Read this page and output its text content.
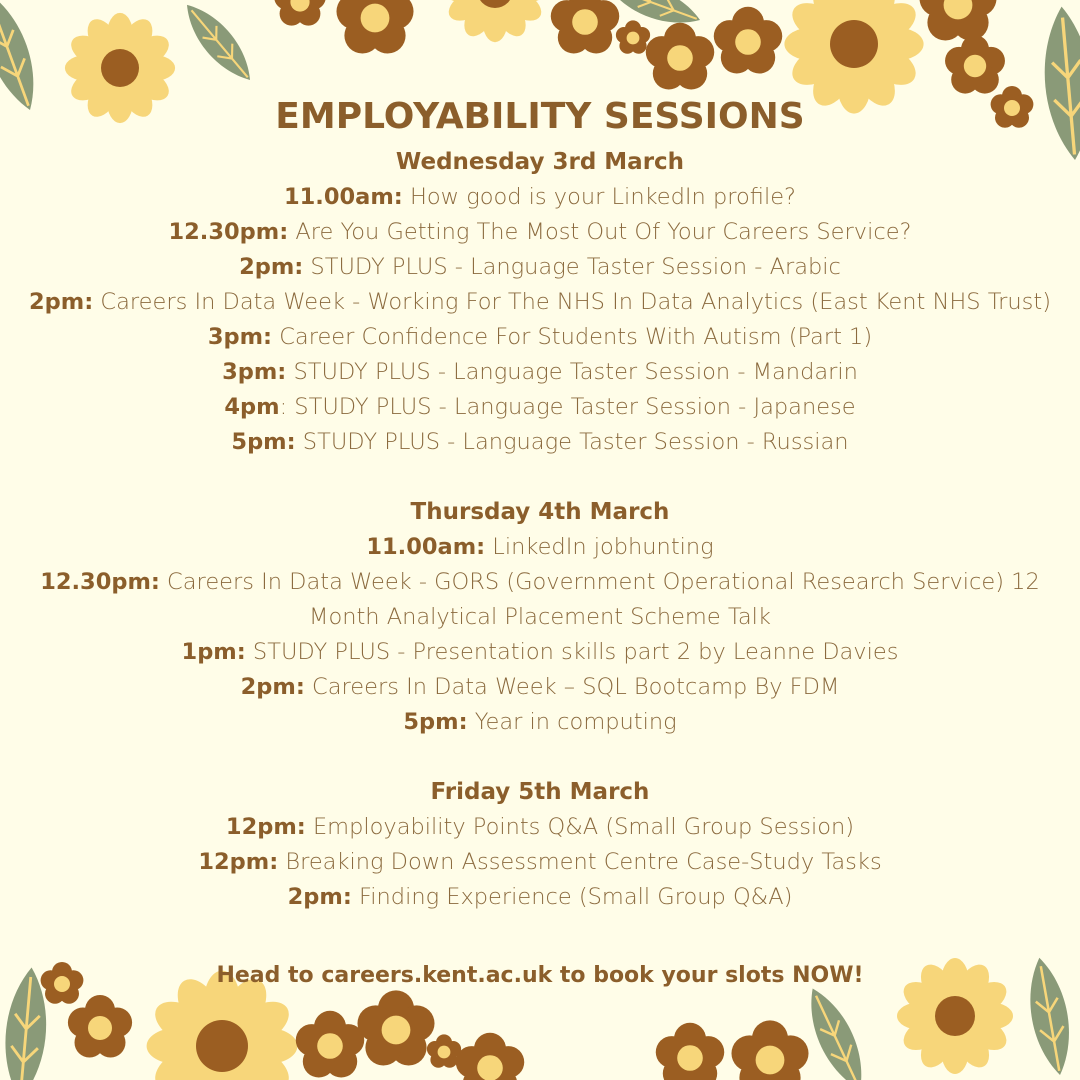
EMPLOYABILITY SESSIONS
Wednesday 3rd March
11.00am: How good is your LinkedIn profile?
12.30pm: Are You Getting The Most Out Of Your Careers Service?
2pm: STUDY PLUS - Language Taster Session - Arabic
2pm: Careers In Data Week - Working For The NHS In Data Analytics (East Kent NHS Trust)
3pm: Career Confidence For Students With Autism (Part 1)
3pm: STUDY PLUS - Language Taster Session - Mandarin
4pm: STUDY PLUS - Language Taster Session - Japanese
5pm: STUDY PLUS - Language Taster Session - Russian
Thursday 4th March
11.00am: LinkedIn jobhunting
12.30pm: Careers In Data Week - GORS (Government Operational Research Service) 12 Month Analytical Placement Scheme Talk
1pm: STUDY PLUS - Presentation skills part 2 by Leanne Davies
2pm: Careers In Data Week – SQL Bootcamp By FDM
5pm: Year in computing
Friday 5th March
12pm: Employability Points Q&A (Small Group Session)
12pm: Breaking Down Assessment Centre Case-Study Tasks
2pm: Finding Experience (Small Group Q&A)
Head to careers.kent.ac.uk to book your slots NOW!
